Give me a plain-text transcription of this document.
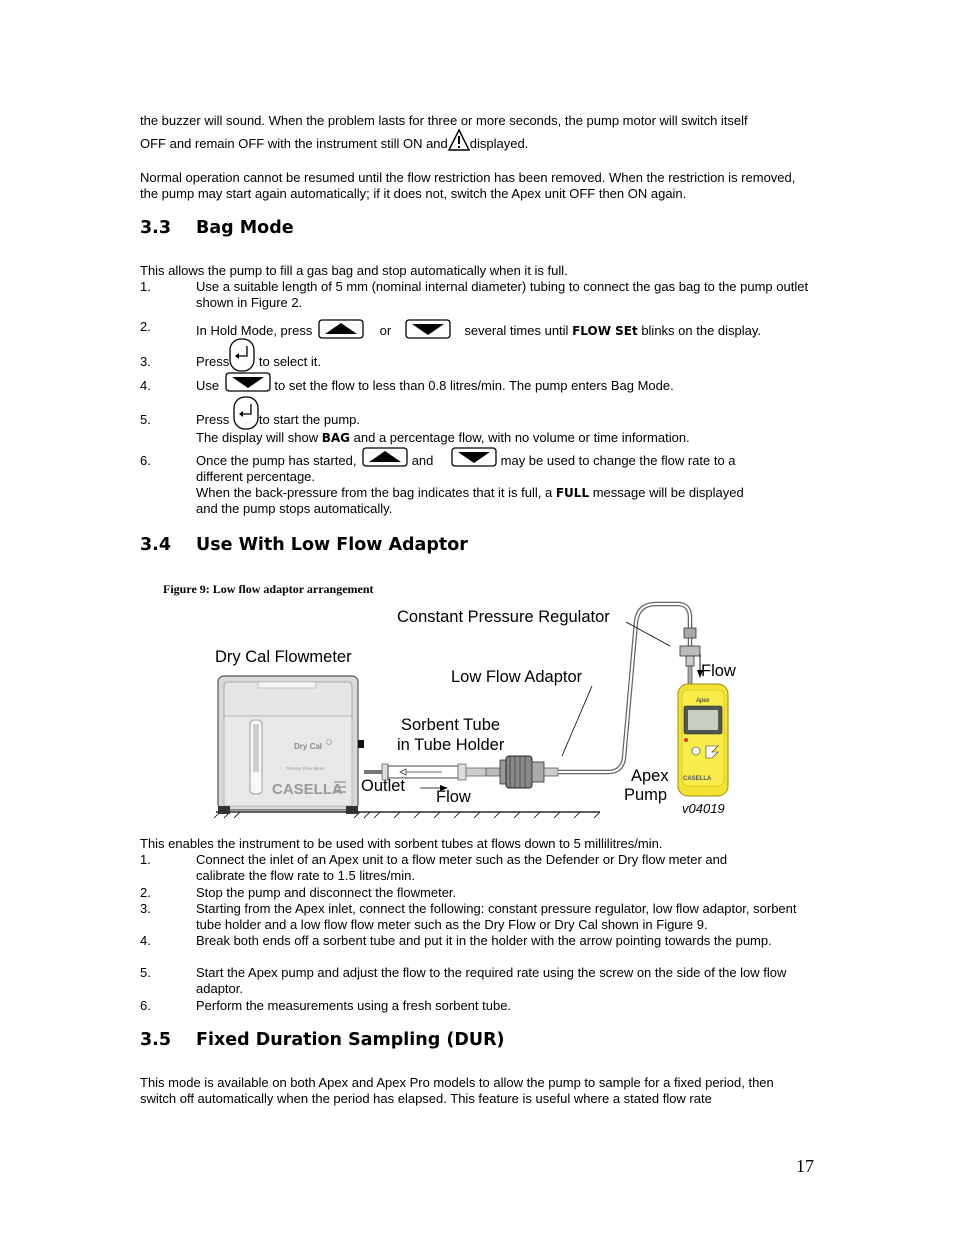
the buzzer will sound. When the problem lasts for three or more seconds, the pump motor will switch itself

OFF and remain OFF with the instrument still ON and displayed.

Normal operation cannot be resumed until the flow restriction has been removed. When the restriction is removed, the pump may start again automatically; if it does not, switch the Apex unit OFF then ON again.

3.3 Bag Mode

This allows the pump to fill a gas bag and stop automatically when it is full.

1.	Use a suitable length of 5 mm (nominal internal diameter) tubing to connect the gas bag to the pump outlet shown in Figure 2.
2.	In Hold Mode, press	or	several times until FLOW SEt blinks on the display.
3.	Press to select it.
4.	Use	to set the flow to less than 0.8 litres/min. The pump enters Bag Mode.
5.	Press to start the pump.
The display will show BAG and a percentage flow, with no volume or time information.
6.	Once the pump has started,	and	may be used to change the flow rate to a
different percentage.
When the back-pressure from the bag indicates that it is full, a FULL message will be displayed
and the pump stops automatically.
3.4 Use With Low Flow Adaptor
Figure 9: Low flow adaptor arrangement
Dry Cal
Primary Flow Meter
CASELLA
Apex
CASELLA
Constant Pressure Regulator
Dry Cal Flowmeter
Low Flow Adaptor	Flow
Sorbent Tube
in Tube Holder
Outlet
Flow
Apex
Pump
v04019

This enables the instrument to be used with sorbent tubes at flows down to 5 millilitres/min.

1.	Connect the inlet of an Apex unit to a flow meter such as the Defender or Dry flow meter and calibrate the flow rate to 1.5 litres/min.
2.	Stop the pump and disconnect the flowmeter.
3.	Starting from the Apex inlet, connect the following: constant pressure regulator, low flow adaptor, sorbent tube holder and a low flow flow meter such as the Dry Flow or Dry Cal shown in Figure 9.
4.	Break both ends off a sorbent tube and put it in the holder with the arrow pointing towards the pump.
5.	Start the Apex pump and adjust the flow to the required rate using the screw on the side of the low flow adaptor.
6.	Perform the measurements using a fresh sorbent tube.
3.5 Fixed Duration Sampling (DUR)

This mode is available on both Apex and Apex Pro models to allow the pump to sample for a fixed period, then switch off automatically when the period has elapsed. This feature is useful where a stated flow rate

17
